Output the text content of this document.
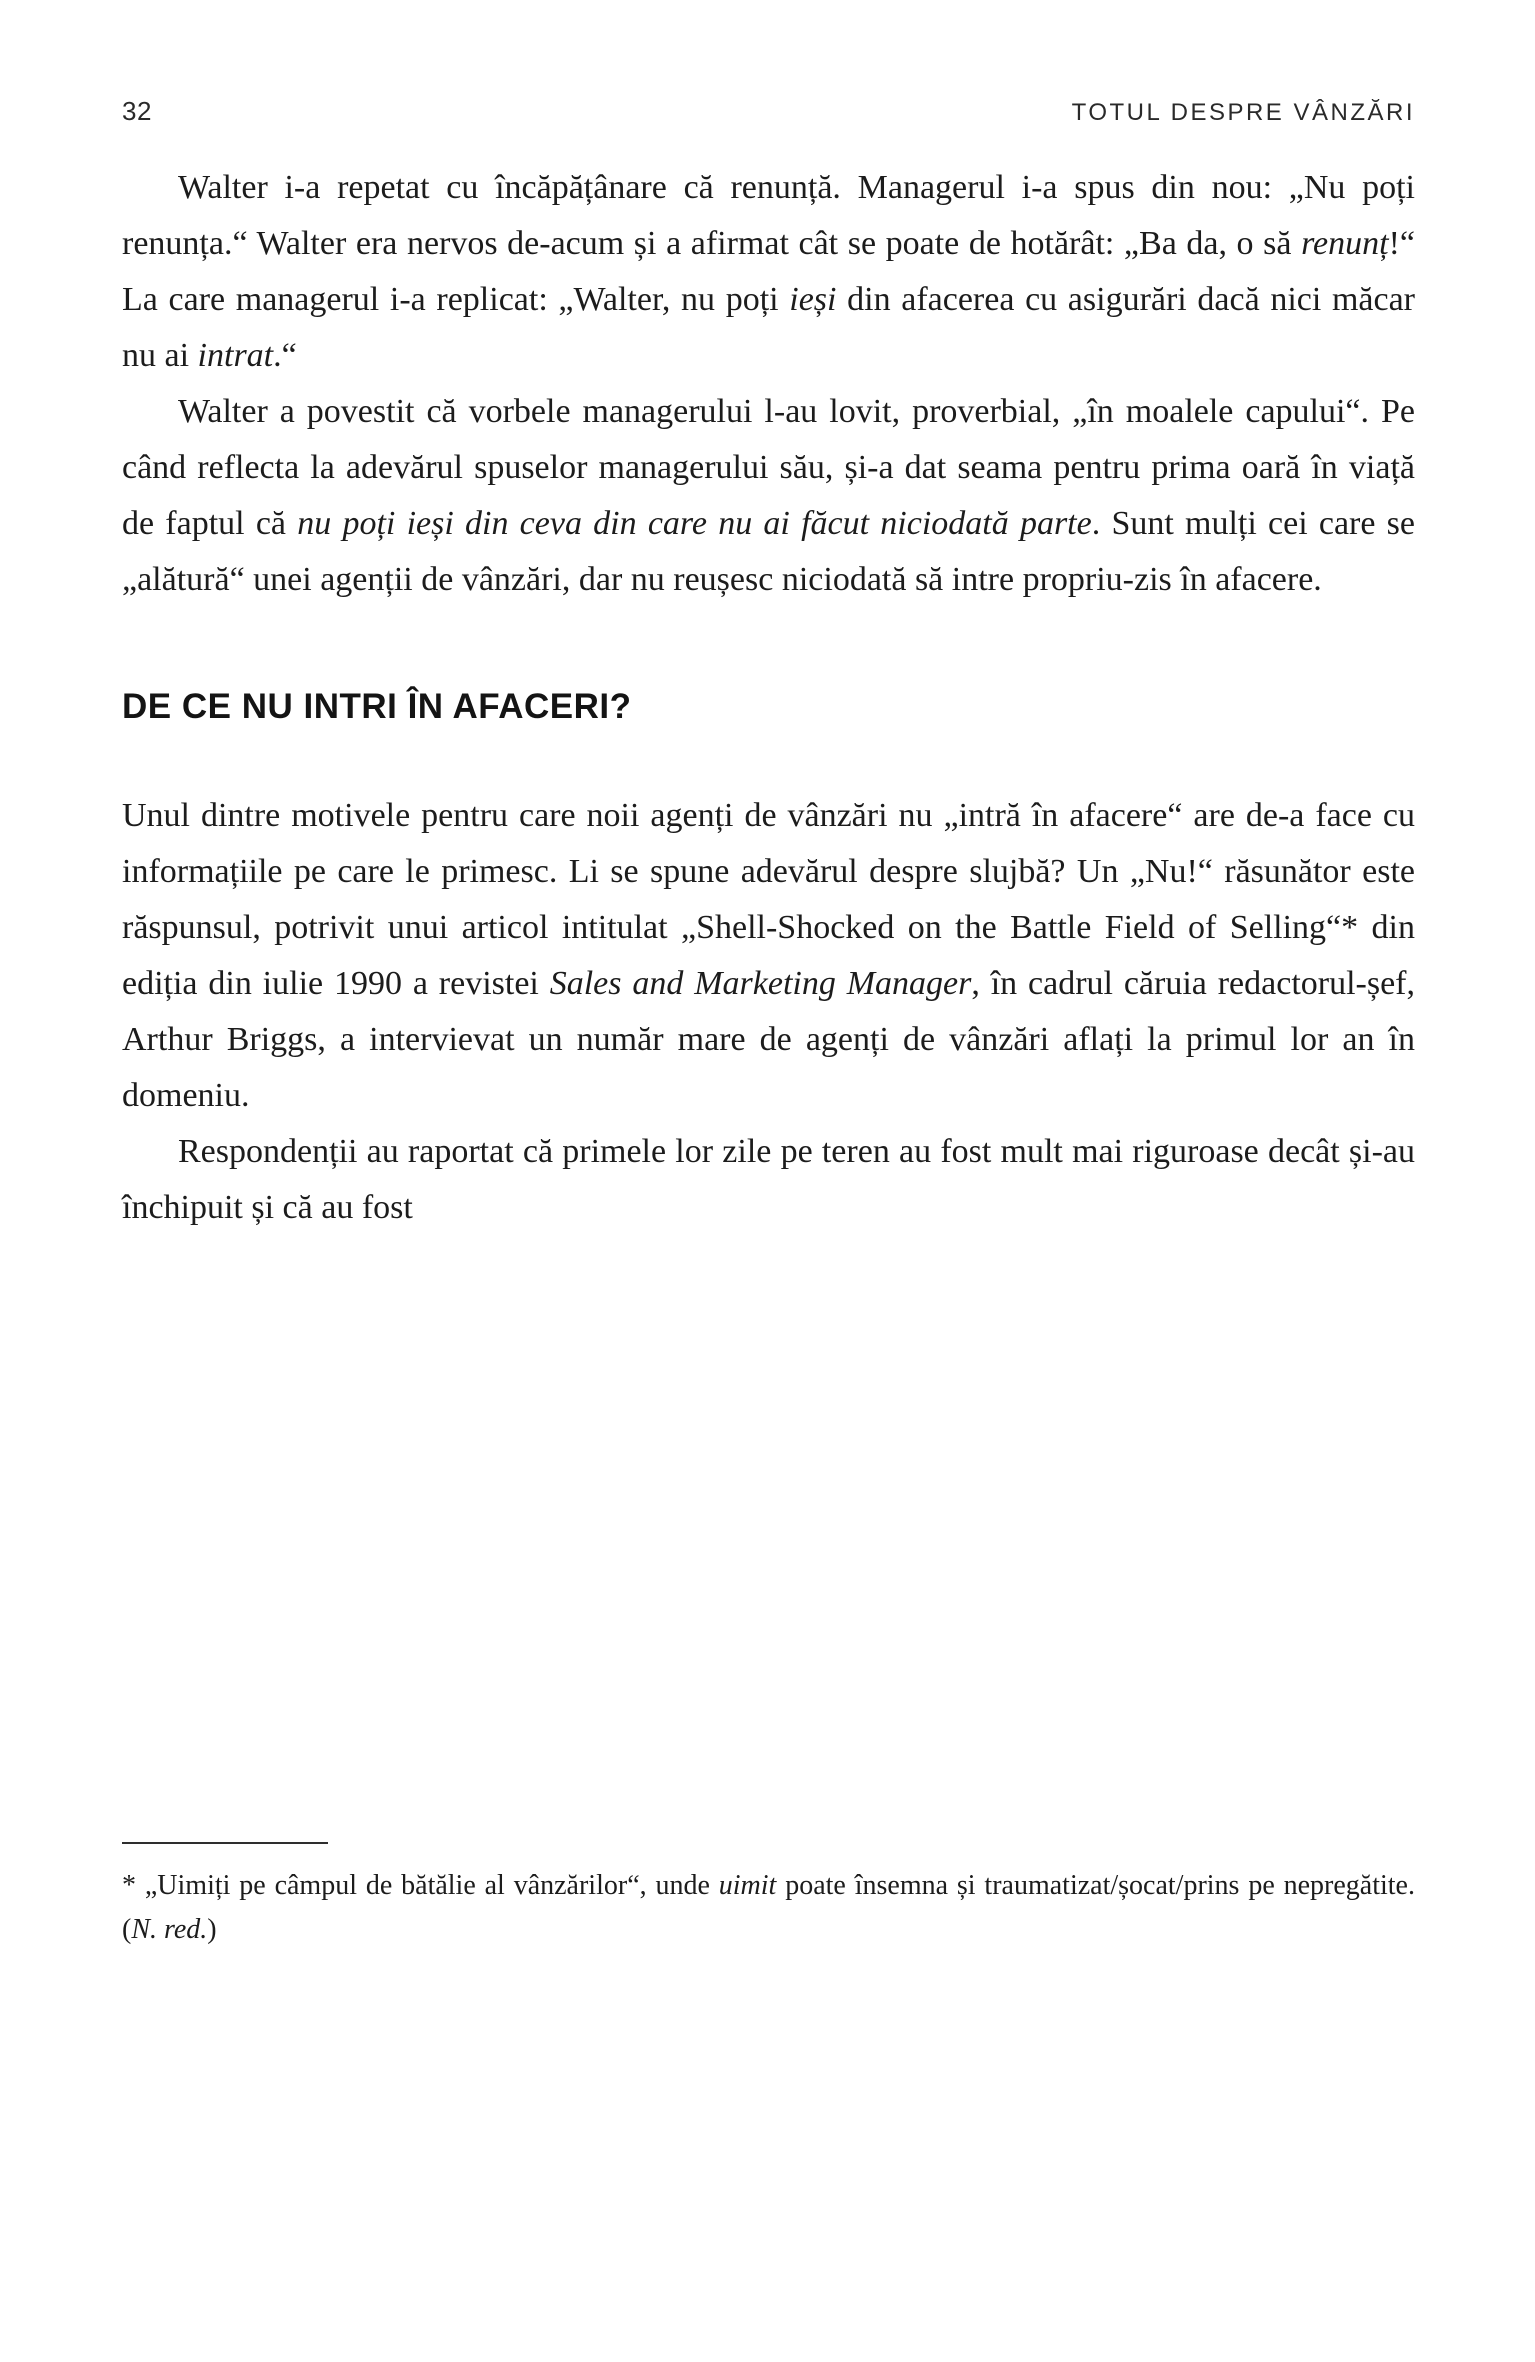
32	TOTUL DESPRE VÂNZĂRI

Walter i-a repetat cu încăpățânare că renunță. Managerul i-a spus din nou: „Nu poți renunța.“ Walter era nervos de-acum și a afirmat cât se poate de hotărât: „Ba da, o să renunț!“ La care managerul i-a replicat: „Walter, nu poți ieși din afacerea cu asigurări dacă nici măcar nu ai intrat.“

Walter a povestit că vorbele managerului l-au lovit, proverbial, „în moalele capului“. Pe când reflecta la adevărul spuselor managerului său, și-a dat seama pentru prima oară în viață de faptul că nu poți ieși din ceva din care nu ai făcut niciodată parte. Sunt mulți cei care se „alătură“ unei agenții de vânzări, dar nu reușesc niciodată să intre propriu-zis în afacere.

DE CE NU INTRI ÎN AFACERI?

Unul dintre motivele pentru care noii agenți de vânzări nu „intră în afacere“ are de-a face cu informațiile pe care le primesc. Li se spune adevărul despre slujbă? Un „Nu!“ răsunător este răspunsul, potrivit unui articol intitulat „Shell-Shocked on the Battle Field of Selling“* din ediția din iulie 1990 a revistei Sales and Marketing Manager, în cadrul căruia redactorul-șef, Arthur Briggs, a intervievat un număr mare de agenți de vânzări aflați la primul lor an în domeniu.

Respondenții au raportat că primele lor zile pe teren au fost mult mai riguroase decât și-au închipuit și că au fost

* „Uimiți pe câmpul de bătălie al vânzărilor“, unde uimit poate însemna și traumatizat/șocat/prins pe nepregătite. (N. red.)
